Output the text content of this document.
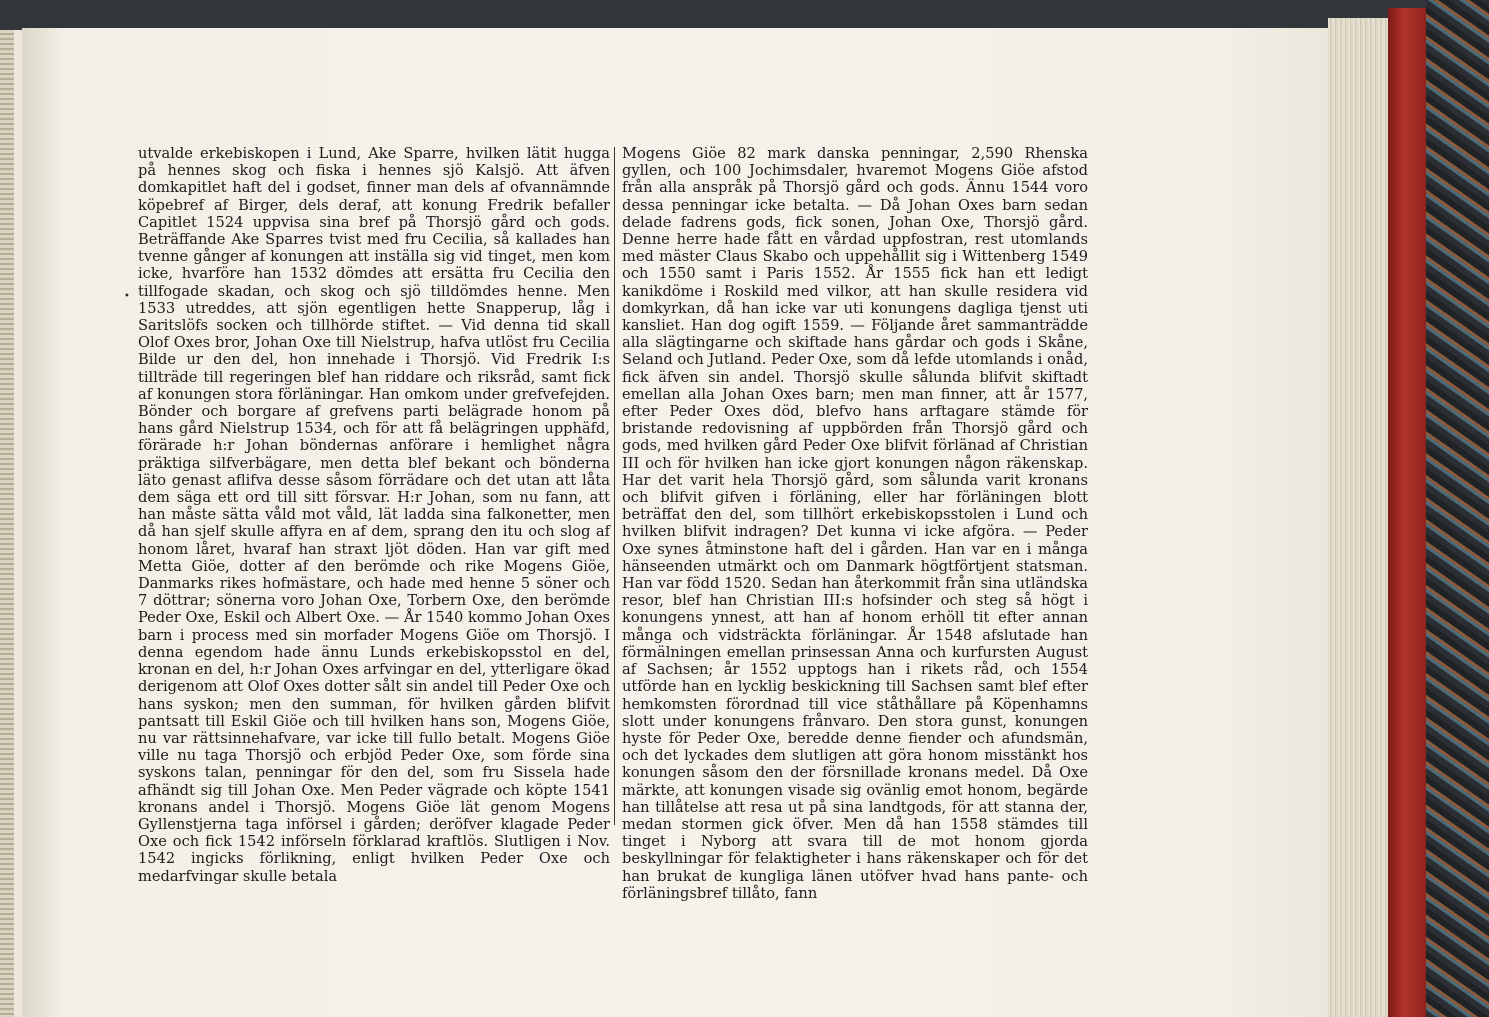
utvalde erkebiskopen i Lund, Ake Sparre, hvilken lätit hugga på hennes skog och fiska i hennes sjö Kalsjö. Att äfven domkapitlet haft del i godset, finner man dels af ofvannämnde köpebref af Birger, dels deraf, att konung Fredrik befaller Capitlet 1524 uppvisa sina bref på Thorsjö gård och gods. Beträffande Ake Sparres tvist med fru Cecilia, så kallades han tvenne gånger af konungen att inställa sig vid tinget, men kom icke, hvarföre han 1532 dömdes att ersätta fru Cecilia den tillfogade skadan, och skog och sjö tilldömdes henne. Men 1533 utreddes, att sjön egentligen hette Snapperup, låg i Saritslöfs socken och tillhörde stiftet. — Vid denna tid skall Olof Oxes bror, Johan Oxe till Nielstrup, hafva utlöst fru Cecilia Bilde ur den del, hon innehade i Thorsjö. Vid Fredrik I:s tillträde till regeringen blef han riddare och riksråd, samt fick af konungen stora förläningar. Han omkom under grefvefejden. Bönder och borgare af grefvens parti belägrade honom på hans gård Nielstrup 1534, och för att få belägringen upphäfd, förärade h:r Johan böndernas anförare i hemlighet några präktiga silfverbägare, men detta blef bekant och bönderna läto genast aflifva desse såsom förrädare och det utan att låta dem säga ett ord till sitt försvar. H:r Johan, som nu fann, att han måste sätta våld mot våld, lät ladda sina falkonetter, men då han sjelf skulle affyra en af dem, sprang den itu och slog af honom låret, hvaraf han straxt ljöt döden. Han var gift med Metta Giöe, dotter af den berömde och rike Mogens Giöe, Danmarks rikes hofmästare, och hade med henne 5 söner och 7 döttrar; sönerna voro Johan Oxe, Torbern Oxe, den berömde Peder Oxe, Eskil och Albert Oxe. — År 1540 kommo Johan Oxes barn i process med sin morfader Mogens Giöe om Thorsjö. I denna egendom hade ännu Lunds erkebiskopsstol en del, kronan en del, h:r Johan Oxes arfvingar en del, ytterligare ökad derigenom att Olof Oxes dotter sålt sin andel till Peder Oxe och hans syskon; men den summan, för hvilken gården blifvit pantsatt till Eskil Giöe och till hvilken hans son, Mogens Giöe, nu var rättsinnehafvare, var icke till fullo betalt. Mogens Giöe ville nu taga Thorsjö och erbjöd Peder Oxe, som förde sina syskons talan, penningar för den del, som fru Sissela hade afhändt sig till Johan Oxe. Men Peder vägrade och köpte 1541 kronans andel i Thorsjö. Mogens Giöe lät genom Mogens Gyllenstjerna taga införsel i gården; deröfver klagade Peder Oxe och fick 1542 införseln förklarad kraftlös. Slutligen i Nov. 1542 ingicks förlikning, enligt hvilken Peder Oxe och medarfvingar skulle betala

Mogens Giöe 82 mark danska penningar, 2,590 Rhenska gyllen, och 100 Jochimsdaler, hvaremot Mogens Giöe afstod från alla anspråk på Thorsjö gård och gods. Ännu 1544 voro dessa penningar icke betalta. — Då Johan Oxes barn sedan delade fadrens gods, fick sonen, Johan Oxe, Thorsjö gård. Denne herre hade fått en vårdad uppfostran, rest utomlands med mäster Claus Skabo och uppehållit sig i Wittenberg 1549 och 1550 samt i Paris 1552. År 1555 fick han ett ledigt kanikdöme i Roskild med vilkor, att han skulle residera vid domkyrkan, då han icke var uti konungens dagliga tjenst uti kansliet. Han dog ogift 1559. — Följande året sammanträdde alla slägtingarne och skiftade hans gårdar och gods i Skåne, Seland och Jutland. Peder Oxe, som då lefde utomlands i onåd, fick äfven sin andel. Thorsjö skulle sålunda blifvit skiftadt emellan alla Johan Oxes barn; men man finner, att år 1577, efter Peder Oxes död, blefvo hans arftagare stämde för bristande redovisning af uppbörden från Thorsjö gård och gods, med hvilken gård Peder Oxe blifvit förlänad af Christian III och för hvilken han icke gjort konungen någon räkenskap. Har det varit hela Thorsjö gård, som sålunda varit kronans och blifvit gifven i förläning, eller har förläningen blott beträffat den del, som tillhört erkebiskopsstolen i Lund och hvilken blifvit indragen? Det kunna vi icke afgöra. — Peder Oxe synes åtminstone haft del i gården. Han var en i många hänseenden utmärkt och om Danmark högtförtjent statsman. Han var född 1520. Sedan han återkommit från sina utländska resor, blef han Christian III:s hofsinder och steg så högt i konungens ynnest, att han af honom erhöll tit efter annan många och vidsträckta förläningar. År 1548 afslutade han förmälningen emellan prinsessan Anna och kurfursten August af Sachsen; år 1552 upptogs han i rikets råd, och 1554 utförde han en lycklig beskickning till Sachsen samt blef efter hemkomsten förordnad till vice ståthållare på Köpenhamns slott under konungens frånvaro. Den stora gunst, konungen hyste för Peder Oxe, beredde denne fiender och afundsmän, och det lyckades dem slutligen att göra honom misstänkt hos konungen såsom den der försnillade kronans medel. Då Oxe märkte, att konungen visade sig ovänlig emot honom, begärde han tillåtelse att resa ut på sina landtgods, för att stanna der, medan stormen gick öfver. Men då han 1558 stämdes till tinget i Nyborg att svara till de mot honom gjorda beskyllningar för felaktigheter i hans räkenskaper och för det han brukat de kungliga länen utöfver hvad hans pante- och förläningsbref tillåto, fann

•
